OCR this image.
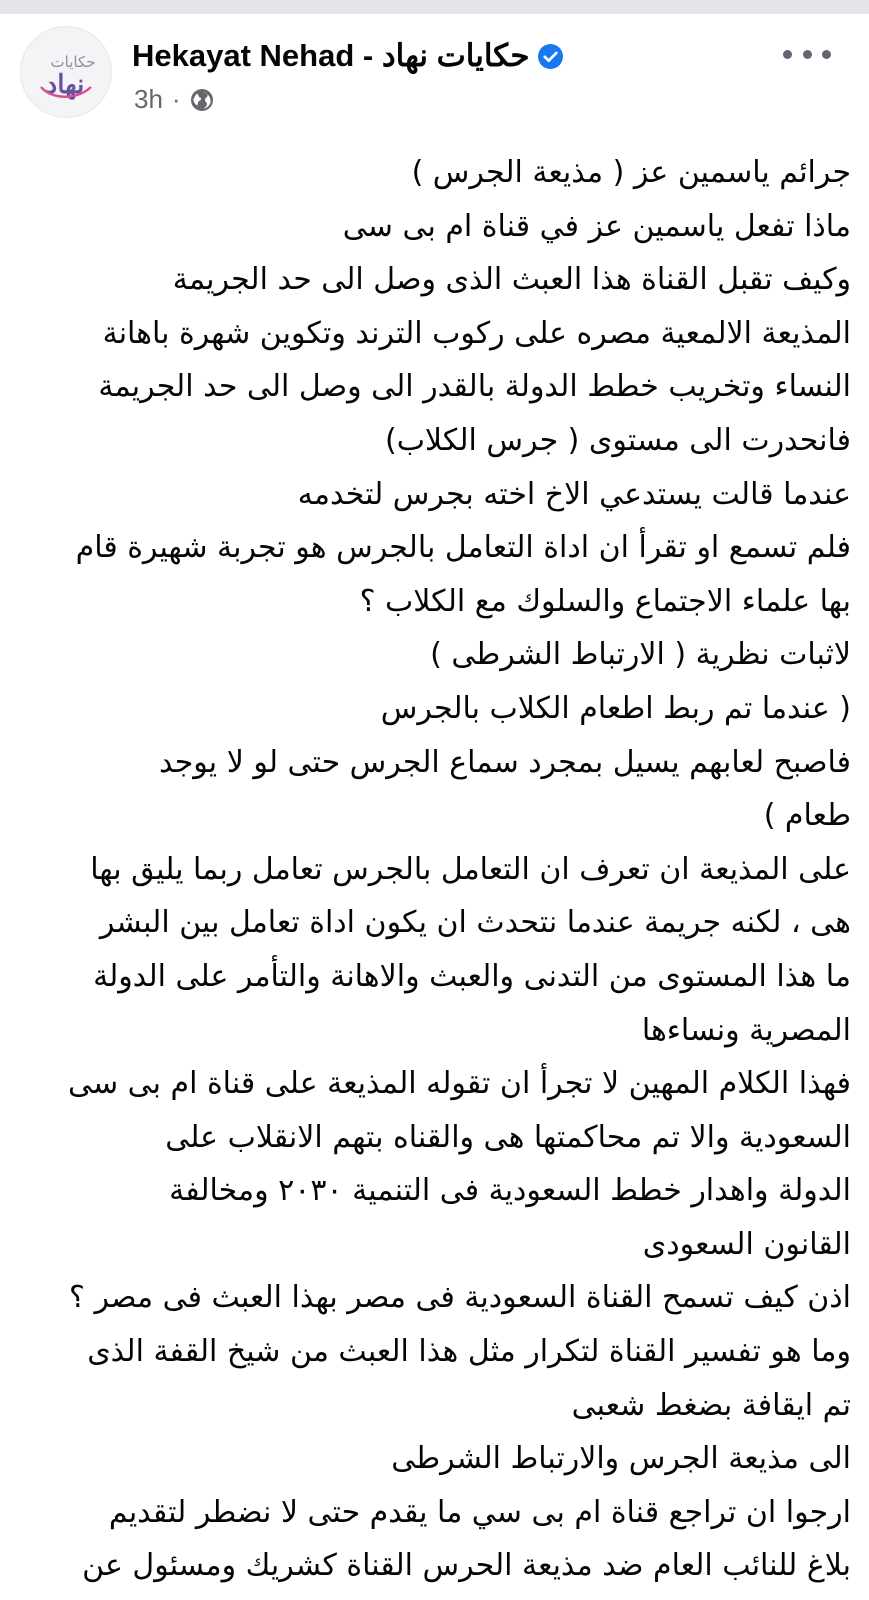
حكايات
نهاد
Hekayat Nehad - حكايات نهاد
3h ·
جرائم ياسمين عز ( مذيعة الجرس )
ماذا تفعل ياسمين عز في قناة ام بى سى
وكيف تقبل القناة هذا العبث الذى وصل الى حد الجريمة
المذيعة الالمعية مصره على ركوب الترند وتكوين شهرة باهانة
النساء وتخريب خطط الدولة بالقدر الى وصل الى حد الجريمة
فانحدرت الى مستوى ( جرس الكلاب)
عندما قالت يستدعي الاخ اخته بجرس لتخدمه
فلم تسمع او تقرأ ان اداة التعامل بالجرس هو تجربة شهيرة قام
بها علماء الاجتماع والسلوك مع الكلاب ؟
لاثبات نظرية ( الارتباط الشرطى )
( عندما تم ربط اطعام الكلاب بالجرس
فاصبح لعابهم يسيل بمجرد سماع الجرس حتى لو لا يوجد
طعام )
على المذيعة ان تعرف ان التعامل بالجرس تعامل ربما يليق بها
هى ، لكنه جريمة عندما نتحدث ان يكون اداة تعامل بين البشر
ما هذا المستوى من التدنى والعبث والاهانة والتأمر على الدولة
المصرية ونساءها
فهذا الكلام المهين لا تجرأ ان تقوله المذيعة على قناة ام بى سى
السعودية والا تم محاكمتها هى والقناه بتهم الانقلاب على
الدولة واهدار خطط السعودية فى التنمية ٢٠٣٠ ومخالفة
القانون السعودى
اذن كيف تسمح القناة السعودية فى مصر بهذا العبث فى مصر ؟
وما هو تفسير القناة لتكرار مثل هذا العبث من شيخ القفة الذى
تم ايقافة بضغط شعبى
الى مذيعة الجرس والارتباط الشرطى
ارجوا ان تراجع قناة ام بى سي ما يقدم حتى لا نضطر لتقديم
بلاغ للنائب العام ضد مذيعة الحرس القناة كشريك ومسئول عن
